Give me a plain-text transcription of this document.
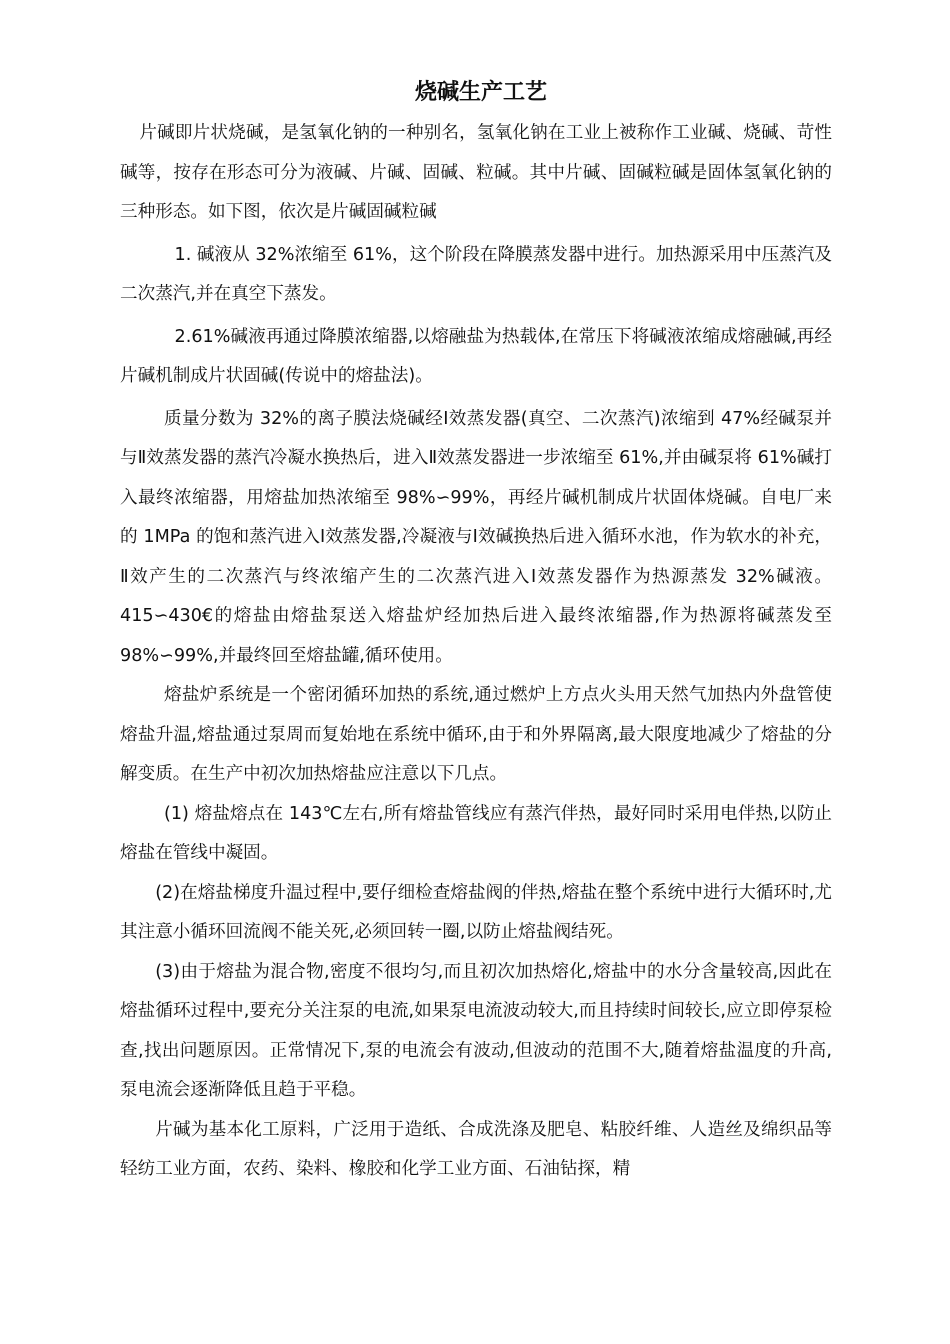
烧碱生产工艺

片碱即片状烧碱，是氢氧化钠的一种别名，氢氧化钠在工业上被称作工业碱、烧碱、苛性碱等，按存在形态可分为液碱、片碱、固碱、粒碱。其中片碱、固碱粒碱是固体氢氧化钠的三种形态。如下图，依次是片碱固碱粒碱

1. 碱液从 32%浓缩至 61%，这个阶段在降膜蒸发器中进行。加热源采用中压蒸汽及二次蒸汽,并在真空下蒸发。

2.61%碱液再通过降膜浓缩器,以熔融盐为热载体,在常压下将碱液浓缩成熔融碱,再经片碱机制成片状固碱(传说中的熔盐法)。

质量分数为 32%的离子膜法烧碱经Ⅰ效蒸发器(真空、二次蒸汽)浓缩到 47%经碱泵并与Ⅱ效蒸发器的蒸汽冷凝水换热后，进入Ⅱ效蒸发器进一步浓缩至 61%,并由碱泵将 61%碱打入最终浓缩器，用熔盐加热浓缩至 98%∽99%，再经片碱机制成片状固体烧碱。自电厂来的 1MPa 的饱和蒸汽进入Ⅰ效蒸发器,冷凝液与Ⅰ效碱换热后进入循环水池，作为软水的补充，Ⅱ效产生的二次蒸汽与终浓缩产生的二次蒸汽进入Ⅰ效蒸发器作为热源蒸发 32%碱液。415∽430€的熔盐由熔盐泵送入熔盐炉经加热后进入最终浓缩器,作为热源将碱蒸发至 98%∽99%,并最终回至熔盐罐,循环使用。

熔盐炉系统是一个密闭循环加热的系统,通过燃炉上方点火头用天然气加热内外盘管使熔盐升温,熔盐通过泵周而复始地在系统中循环,由于和外界隔离,最大限度地减少了熔盐的分解变质。在生产中初次加热熔盐应注意以下几点。

(1) 熔盐熔点在 143℃左右,所有熔盐管线应有蒸汽伴热，最好同时采用电伴热,以防止熔盐在管线中凝固。

(2)在熔盐梯度升温过程中,要仔细检查熔盐阀的伴热,熔盐在整个系统中进行大循环时,尤其注意小循环回流阀不能关死,必须回转一圈,以防止熔盐阀结死。

(3)由于熔盐为混合物,密度不很均匀,而且初次加热熔化,熔盐中的水分含量较高,因此在熔盐循环过程中,要充分关注泵的电流,如果泵电流波动较大,而且持续时间较长,应立即停泵检查,找出问题原因。正常情况下,泵的电流会有波动,但波动的范围不大,随着熔盐温度的升高,泵电流会逐渐降低且趋于平稳。

片碱为基本化工原料，广泛用于造纸、合成洗涤及肥皂、粘胶纤维、人造丝及绵织品等轻纺工业方面，农药、染料、橡胶和化学工业方面、石油钻探，精
